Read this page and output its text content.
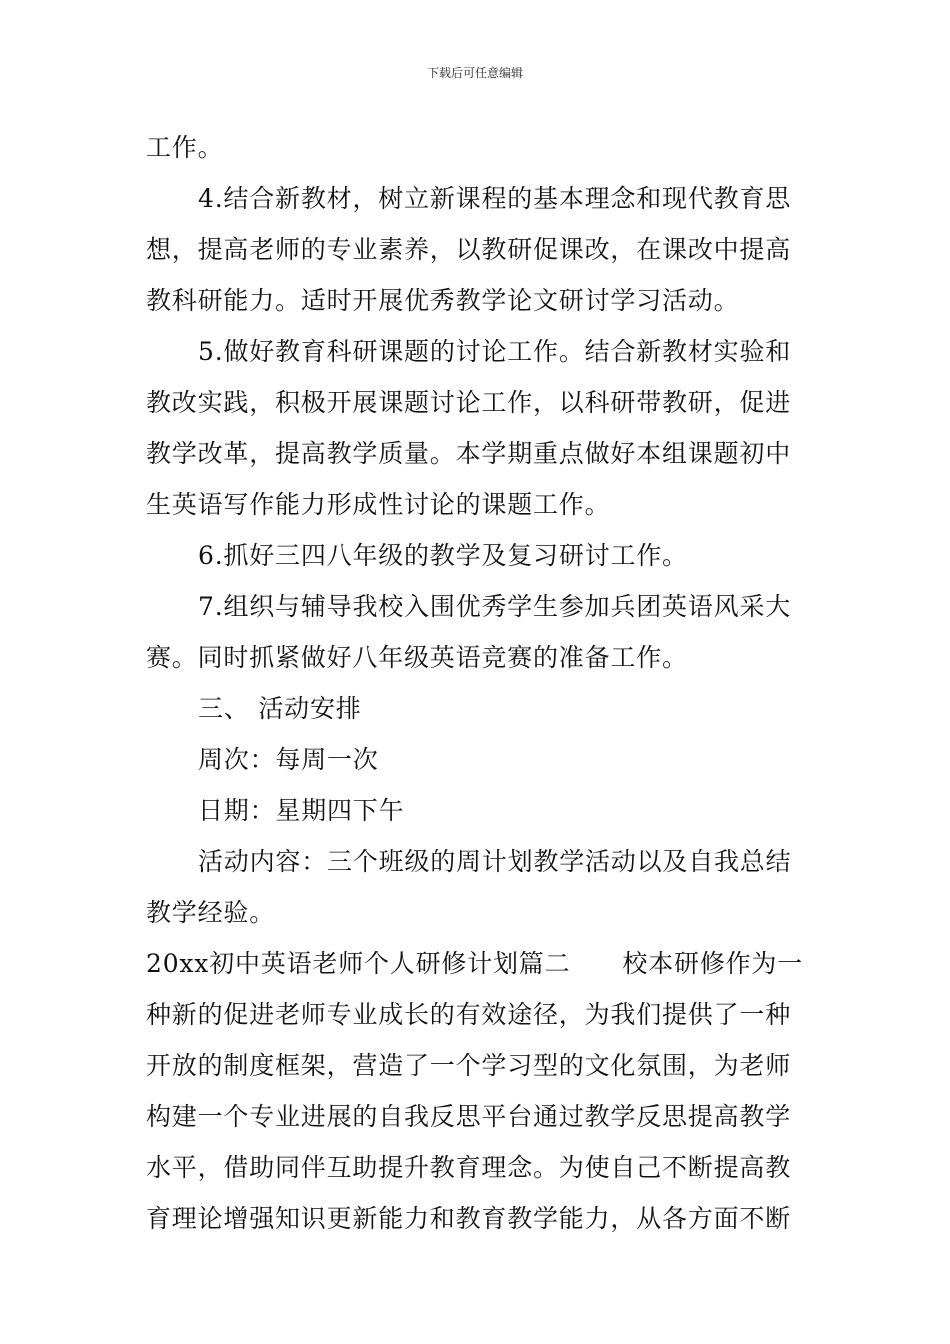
下载后可任意编辑

工作。

4.结合新教材，树立新课程的基本理念和现代教育思

想，提高老师的专业素养，以教研促课改，在课改中提高

教科研能力。适时开展优秀教学论文研讨学习活动。

5.做好教育科研课题的讨论工作。结合新教材实验和

教改实践，积极开展课题讨论工作，以科研带教研，促进

教学改革，提高教学质量。本学期重点做好本组课题初中

生英语写作能力形成性讨论的课题工作。

6.抓好三四八年级的教学及复习研讨工作。

7.组织与辅导我校入围优秀学生参加兵团英语风采大

赛。同时抓紧做好八年级英语竞赛的准备工作。

三、 活动安排

周次：每周一次

日期：星期四下午

活动内容：三个班级的周计划教学活动以及自我总结

教学经验。

20xx初中英语老师个人研修计划篇二 校本研修作为一

种新的促进老师专业成长的有效途径，为我们提供了一种

开放的制度框架，营造了一个学习型的文化氛围，为老师

构建一个专业进展的自我反思平台通过教学反思提高教学

水平，借助同伴互助提升教育理念。为使自己不断提高教

育理论增强知识更新能力和教育教学能力，从各方面不断
